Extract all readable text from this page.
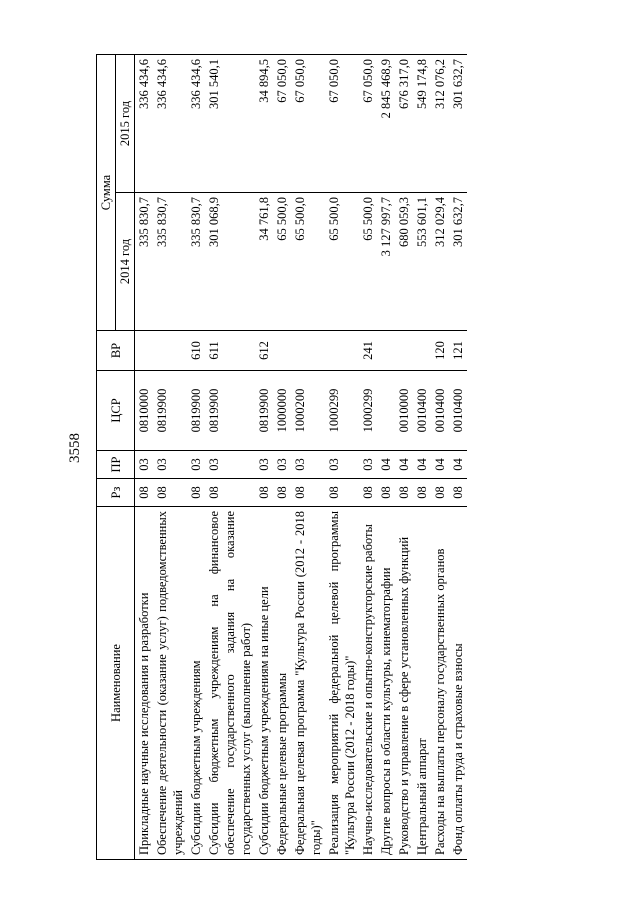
3558
Наименование	Рз	ПР	ЦСР	ВР	Сумма	
					2014 год	2015 год
Прикладные научные исследования и разработки	08	03	0810000		335 830,7	336 434,6
Обеспечение деятельности (оказание услуг) подведомственных учреждений	08	03	0819900		335 830,7	336 434,6
Субсидии бюджетным учреждениям	08	03	0819900	610	335 830,7	336 434,6
Субсидии бюджетным учреждениям на финансовое обеспечение государственного задания на оказание государственных услуг (выполнение работ)	08	03	0819900	611	301 068,9	301 540,1
Субсидии бюджетным учреждениям на иные цели	08	03	0819900	612	34 761,8	34 894,5
Федеральные целевые программы	08	03	1000000		65 500,0	67 050,0
Федеральная целевая программа "Культура России (2012 - 2018 годы)"	08	03	1000200		65 500,0	67 050,0
Реализация мероприятий федеральной целевой программы "Культура России (2012 - 2018 годы)"	08	03	1000299		65 500,0	67 050,0
Научно-исследовательские и опытно-конструкторские работы	08	03	1000299	241	65 500,0	67 050,0
Другие вопросы в области культуры, кинематографии	08	04			3 127 997,7	2 845 468,9
Руководство и управление в сфере установленных функций	08	04	0010000		680 059,3	676 317,0
Центральный аппарат	08	04	0010400		553 601,1	549 174,8
Расходы на выплаты персоналу государственных органов	08	04	0010400	120	312 029,4	312 076,2
Фонд оплаты труда и страховые взносы	08	04	0010400	121	301 632,7	301 632,7
